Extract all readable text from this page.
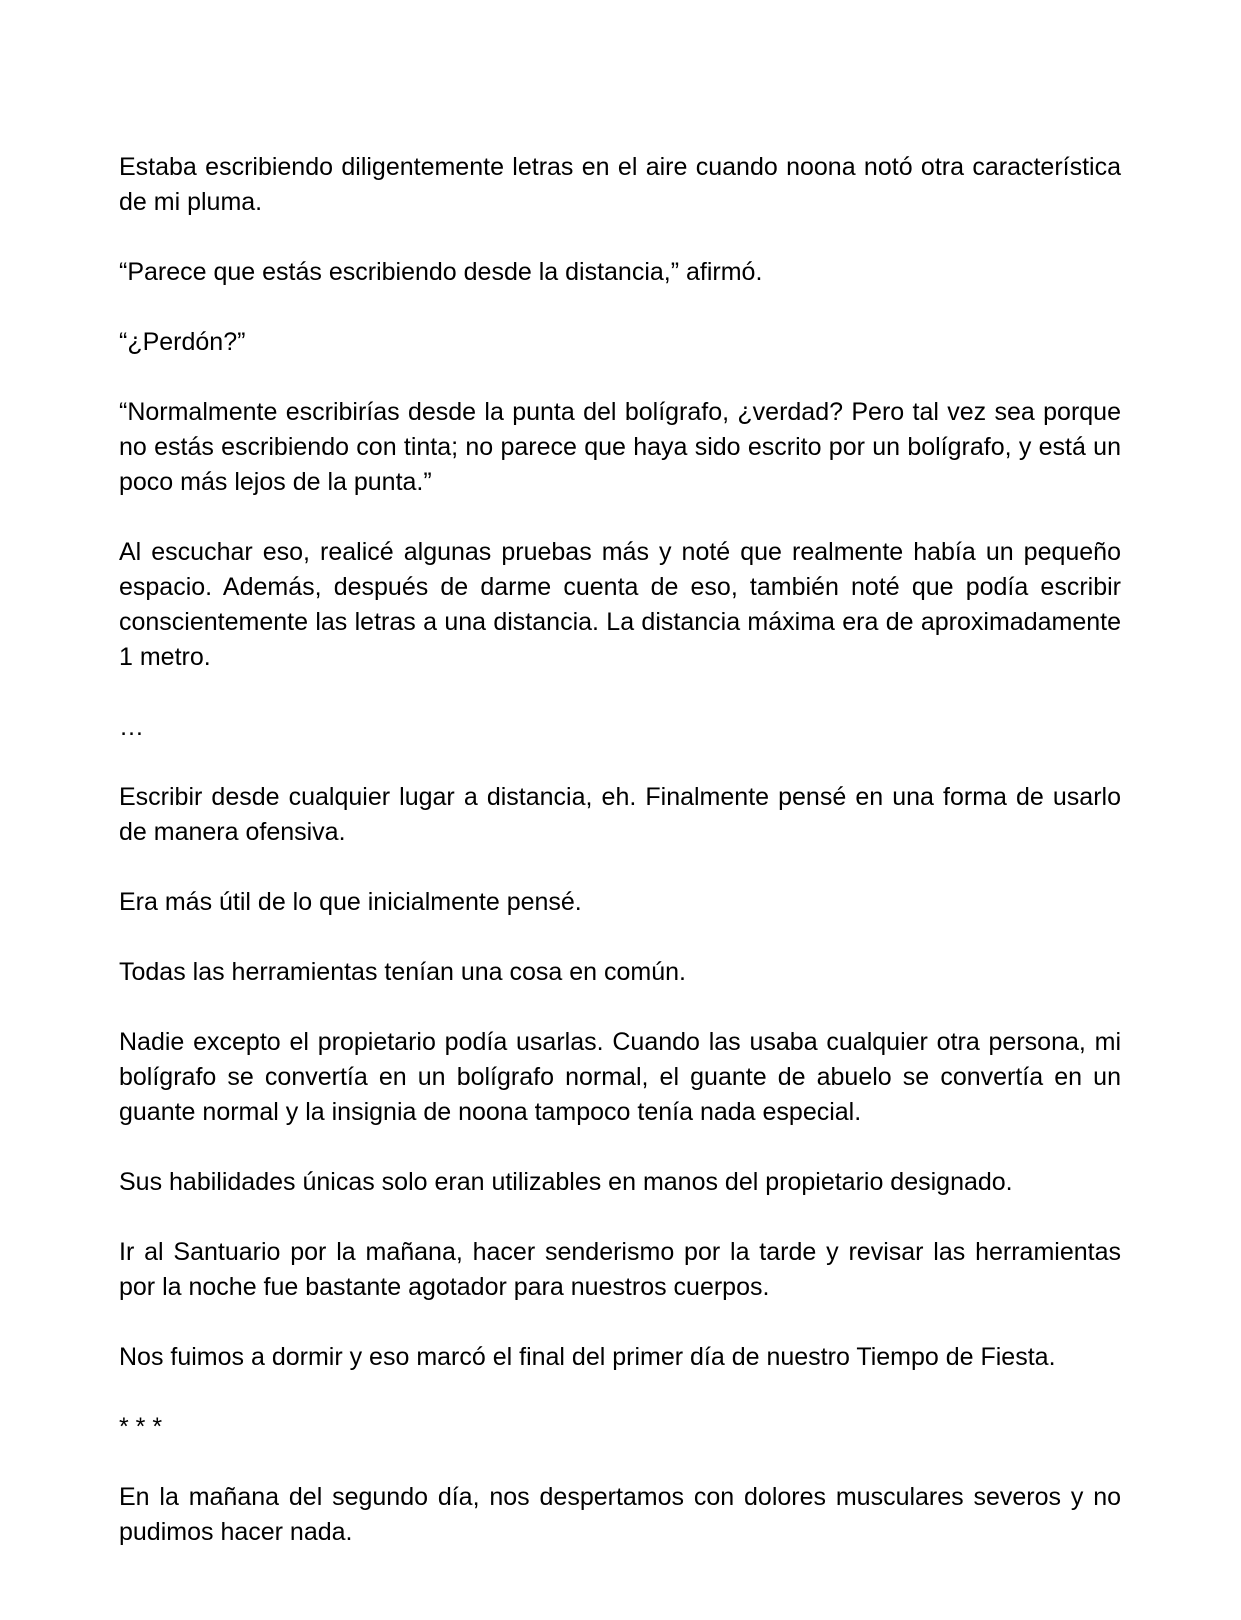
Estaba escribiendo diligentemente letras en el aire cuando noona notó otra característica de mi pluma.

“Parece que estás escribiendo desde la distancia,” afirmó.

“¿Perdón?”

“Normalmente escribirías desde la punta del bolígrafo, ¿verdad? Pero tal vez sea porque no estás escribiendo con tinta; no parece que haya sido escrito por un bolígrafo, y está un poco más lejos de la punta.”

Al escuchar eso, realicé algunas pruebas más y noté que realmente había un pequeño espacio. Además, después de darme cuenta de eso, también noté que podía escribir conscientemente las letras a una distancia. La distancia máxima era de aproximadamente 1 metro.

…

Escribir desde cualquier lugar a distancia, eh. Finalmente pensé en una forma de usarlo de manera ofensiva.

Era más útil de lo que inicialmente pensé.

Todas las herramientas tenían una cosa en común.

Nadie excepto el propietario podía usarlas. Cuando las usaba cualquier otra persona, mi bolígrafo se convertía en un bolígrafo normal, el guante de abuelo se convertía en un guante normal y la insignia de noona tampoco tenía nada especial.

Sus habilidades únicas solo eran utilizables en manos del propietario designado.

Ir al Santuario por la mañana, hacer senderismo por la tarde y revisar las herramientas por la noche fue bastante agotador para nuestros cuerpos.

Nos fuimos a dormir y eso marcó el final del primer día de nuestro Tiempo de Fiesta.

* * *

En la mañana del segundo día, nos despertamos con dolores musculares severos y no pudimos hacer nada.
